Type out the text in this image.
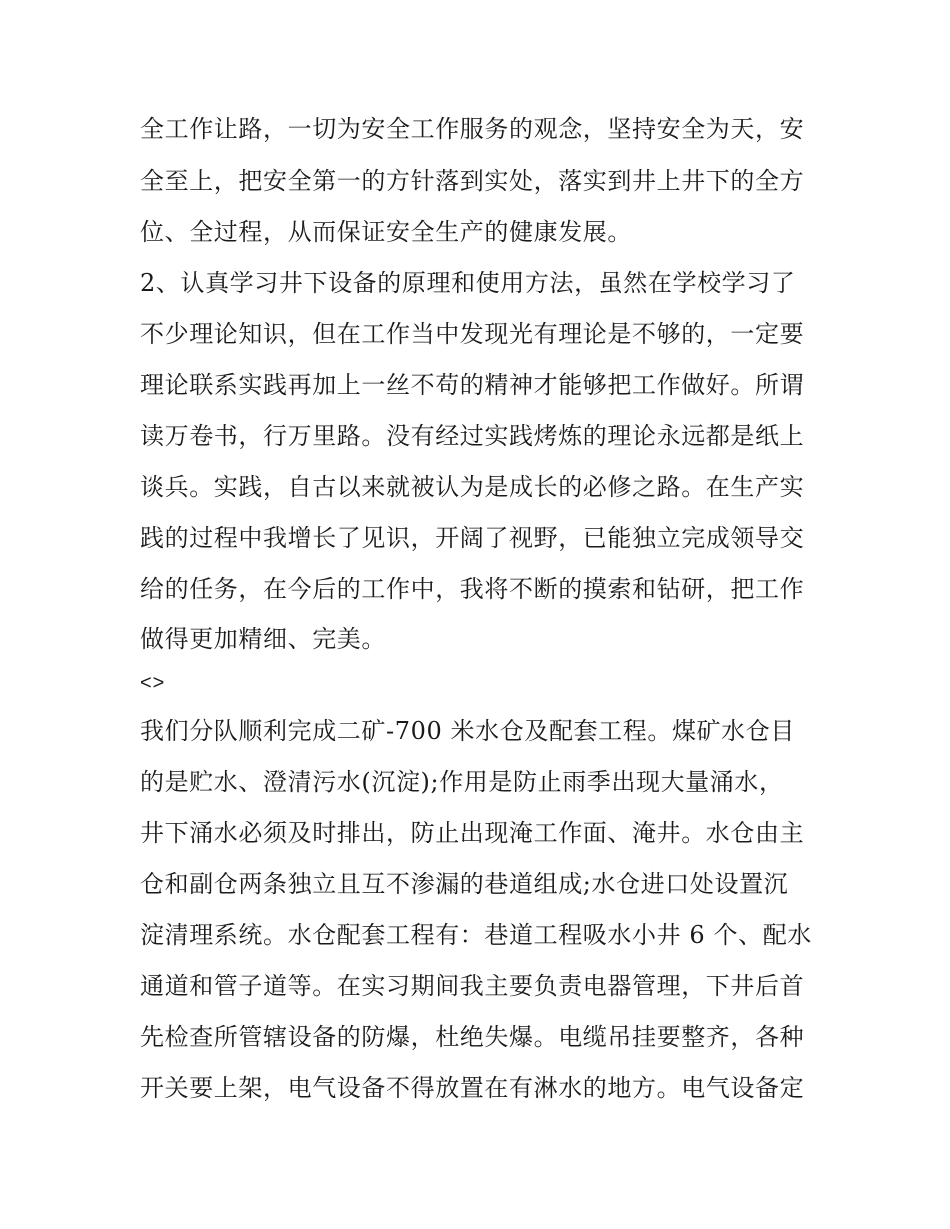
全工作让路，一切为安全工作服务的观念，坚持安全为天，安
全至上，把安全第一的方针落到实处，落实到井上井下的全方
位、全过程，从而保证安全生产的健康发展。
2、认真学习井下设备的原理和使用方法，虽然在学校学习了
不少理论知识，但在工作当中发现光有理论是不够的，一定要
理论联系实践再加上一丝不苟的精神才能够把工作做好。所谓
读万卷书，行万里路。没有经过实践烤炼的理论永远都是纸上
谈兵。实践，自古以来就被认为是成长的必修之路。在生产实
践的过程中我增长了见识，开阔了视野，已能独立完成领导交
给的任务，在今后的工作中，我将不断的摸索和钻研，把工作
做得更加精细、完美。
<>
我们分队顺利完成二矿-700 米水仓及配套工程。煤矿水仓目
的是贮水、澄清污水(沉淀);作用是防止雨季出现大量涌水，
井下涌水必须及时排出，防止出现淹工作面、淹井。水仓由主
仓和副仓两条独立且互不渗漏的巷道组成;水仓进口处设置沉
淀清理系统。水仓配套工程有：巷道工程吸水小井 6 个、配水
通道和管子道等。在实习期间我主要负责电器管理，下井后首
先检查所管辖设备的防爆，杜绝失爆。电缆吊挂要整齐，各种
开关要上架，电气设备不得放置在有淋水的地方。电气设备定
